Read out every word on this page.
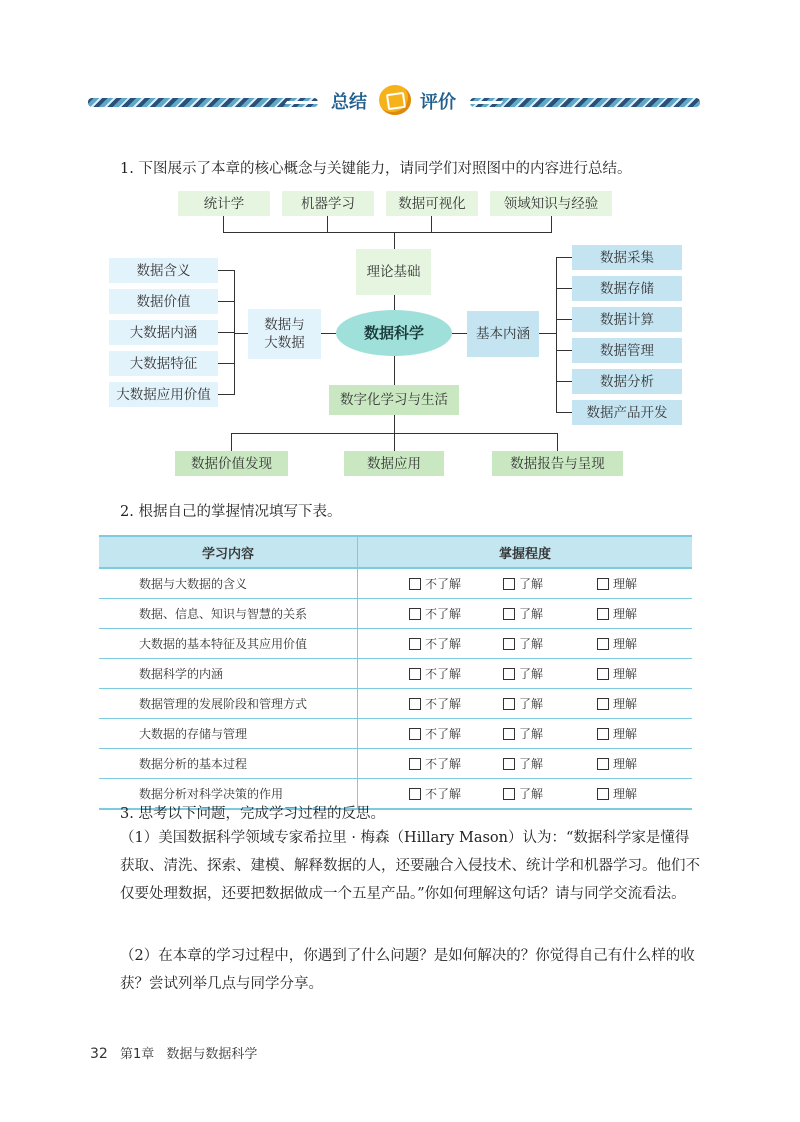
总结	评价
1. 下图展示了本章的核心概念与关键能力，请同学们对照图中的内容进行总结。
统计学	机器学习	数据可视化	领域知识与经验
理论基础
数据科学
数据含义
数据价值
大数据内涵
大数据特征
大数据应用价值
数据与
大数据
基本内涵
数据采集
数据存储
数据计算
数据管理
数据分析
数据产品开发
数字化学习与生活
数据价值发现	数据应用	数据报告与呈现
2. 根据自己的掌握情况填写下表。
学习内容	掌握程度
数据与大数据的含义	不了解 了解 理解

数据、信息、知识与智慧的关系	不了解 了解 理解

大数据的基本特征及其应用价值	不了解 了解 理解

数据科学的内涵	不了解 了解 理解

数据管理的发展阶段和管理方式	不了解 了解 理解

大数据的存储与管理	不了解 了解 理解

数据分析的基本过程	不了解 了解 理解

数据分析对科学决策的作用	不了解 了解 理解
3. 思考以下问题，完成学习过程的反思。
（1）美国数据科学领域专家希拉里 · 梅森（Hillary Mason）认为：“数据科学家是懂得获取、清洗、探索、建模、解释数据的人，还要融合入侵技术、统计学和机器学习。他们不仅要处理数据，还要把数据做成一个五星产品。”你如何理解这句话？请与同学交流看法。
（2）在本章的学习过程中，你遇到了什么问题？是如何解决的？你觉得自己有什么样的收获？尝试列举几点与同学分享。
32 第1章 数据与数据科学
